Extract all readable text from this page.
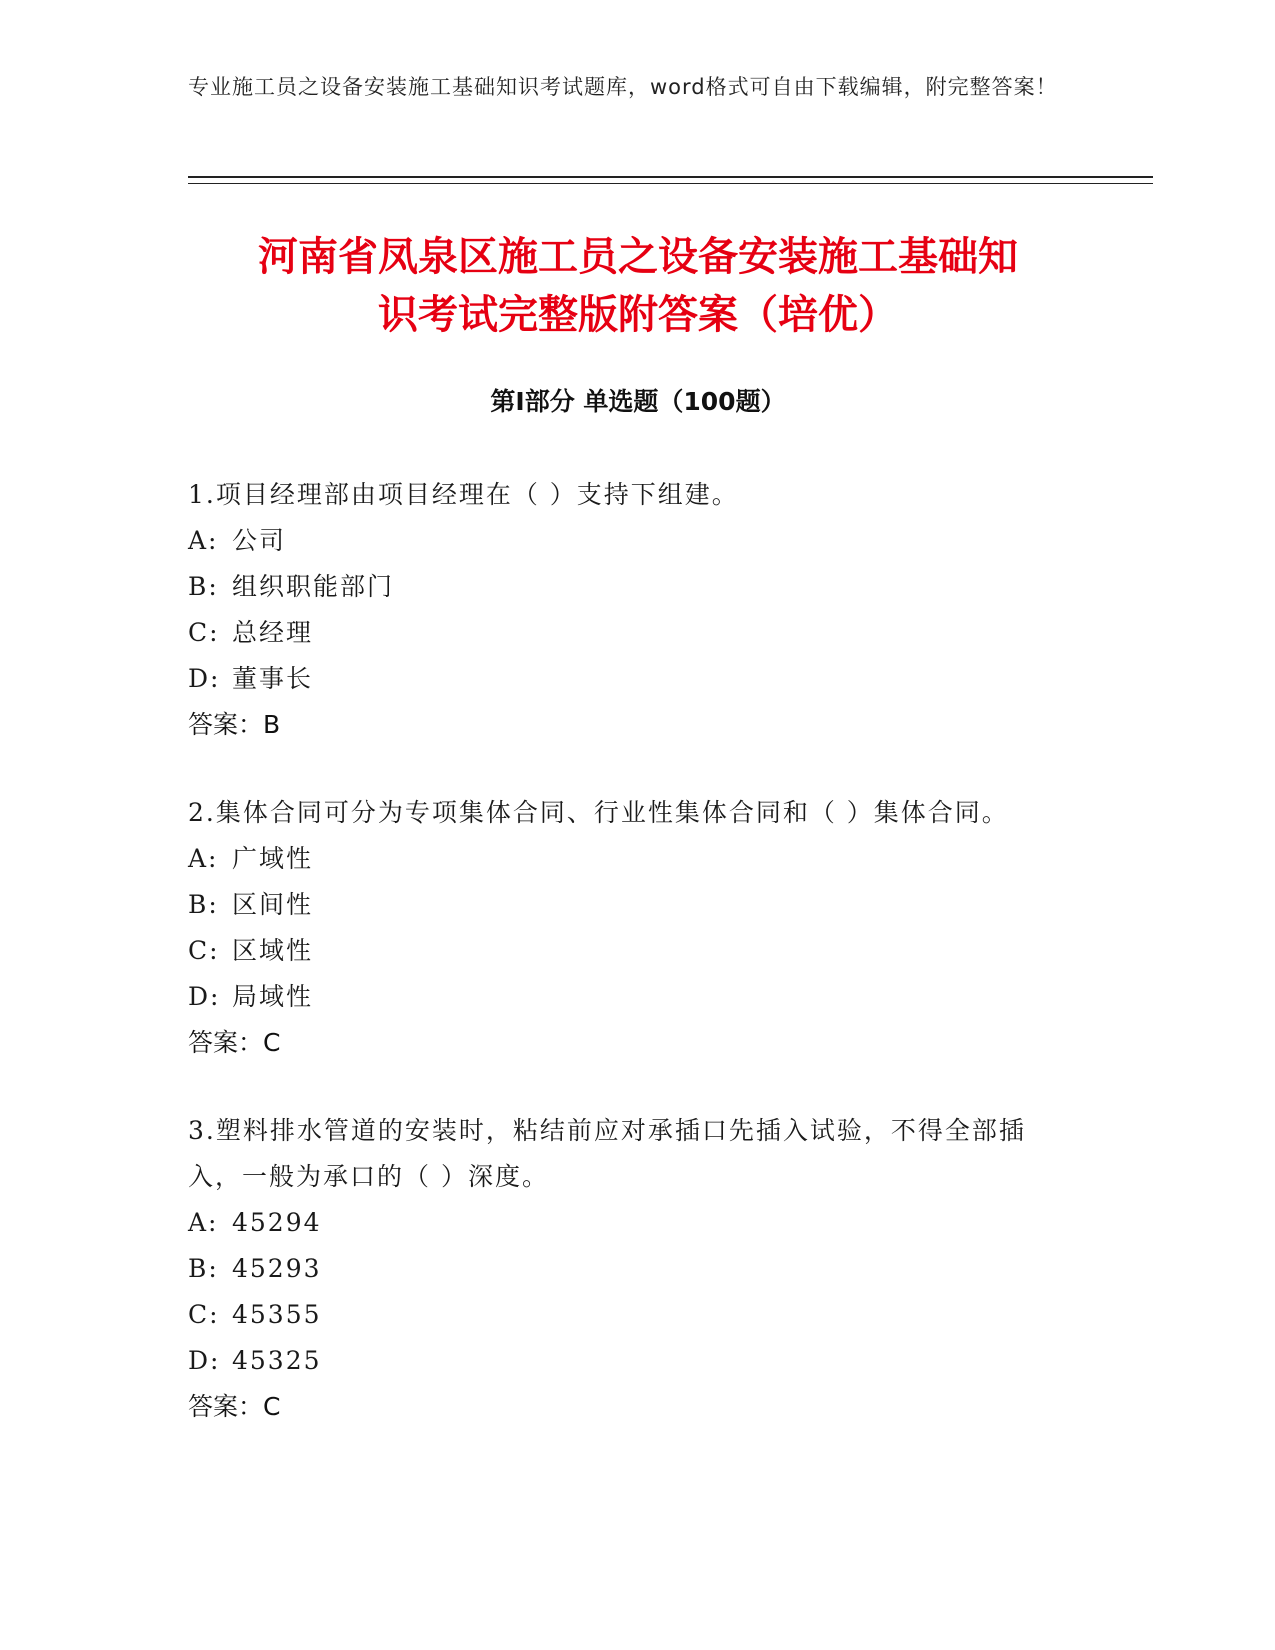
专业施工员之设备安装施工基础知识考试题库，word格式可自由下载编辑，附完整答案！
河南省凤泉区施工员之设备安装施工基础知
识考试完整版附答案（培优）
第I部分 单选题（100题）
1.项目经理部由项目经理在（ ）支持下组建。
A: 公司
B: 组织职能部门
C: 总经理
D: 董事长
答案：B
2.集体合同可分为专项集体合同、行业性集体合同和（ ）集体合同。
A: 广域性
B: 区间性
C: 区域性
D: 局域性
答案：C
3.塑料排水管道的安装时，粘结前应对承插口先插入试验，不得全部插入，一般为承口的（ ）深度。
A: 45294
B: 45293
C: 45355
D: 45325
答案：C
